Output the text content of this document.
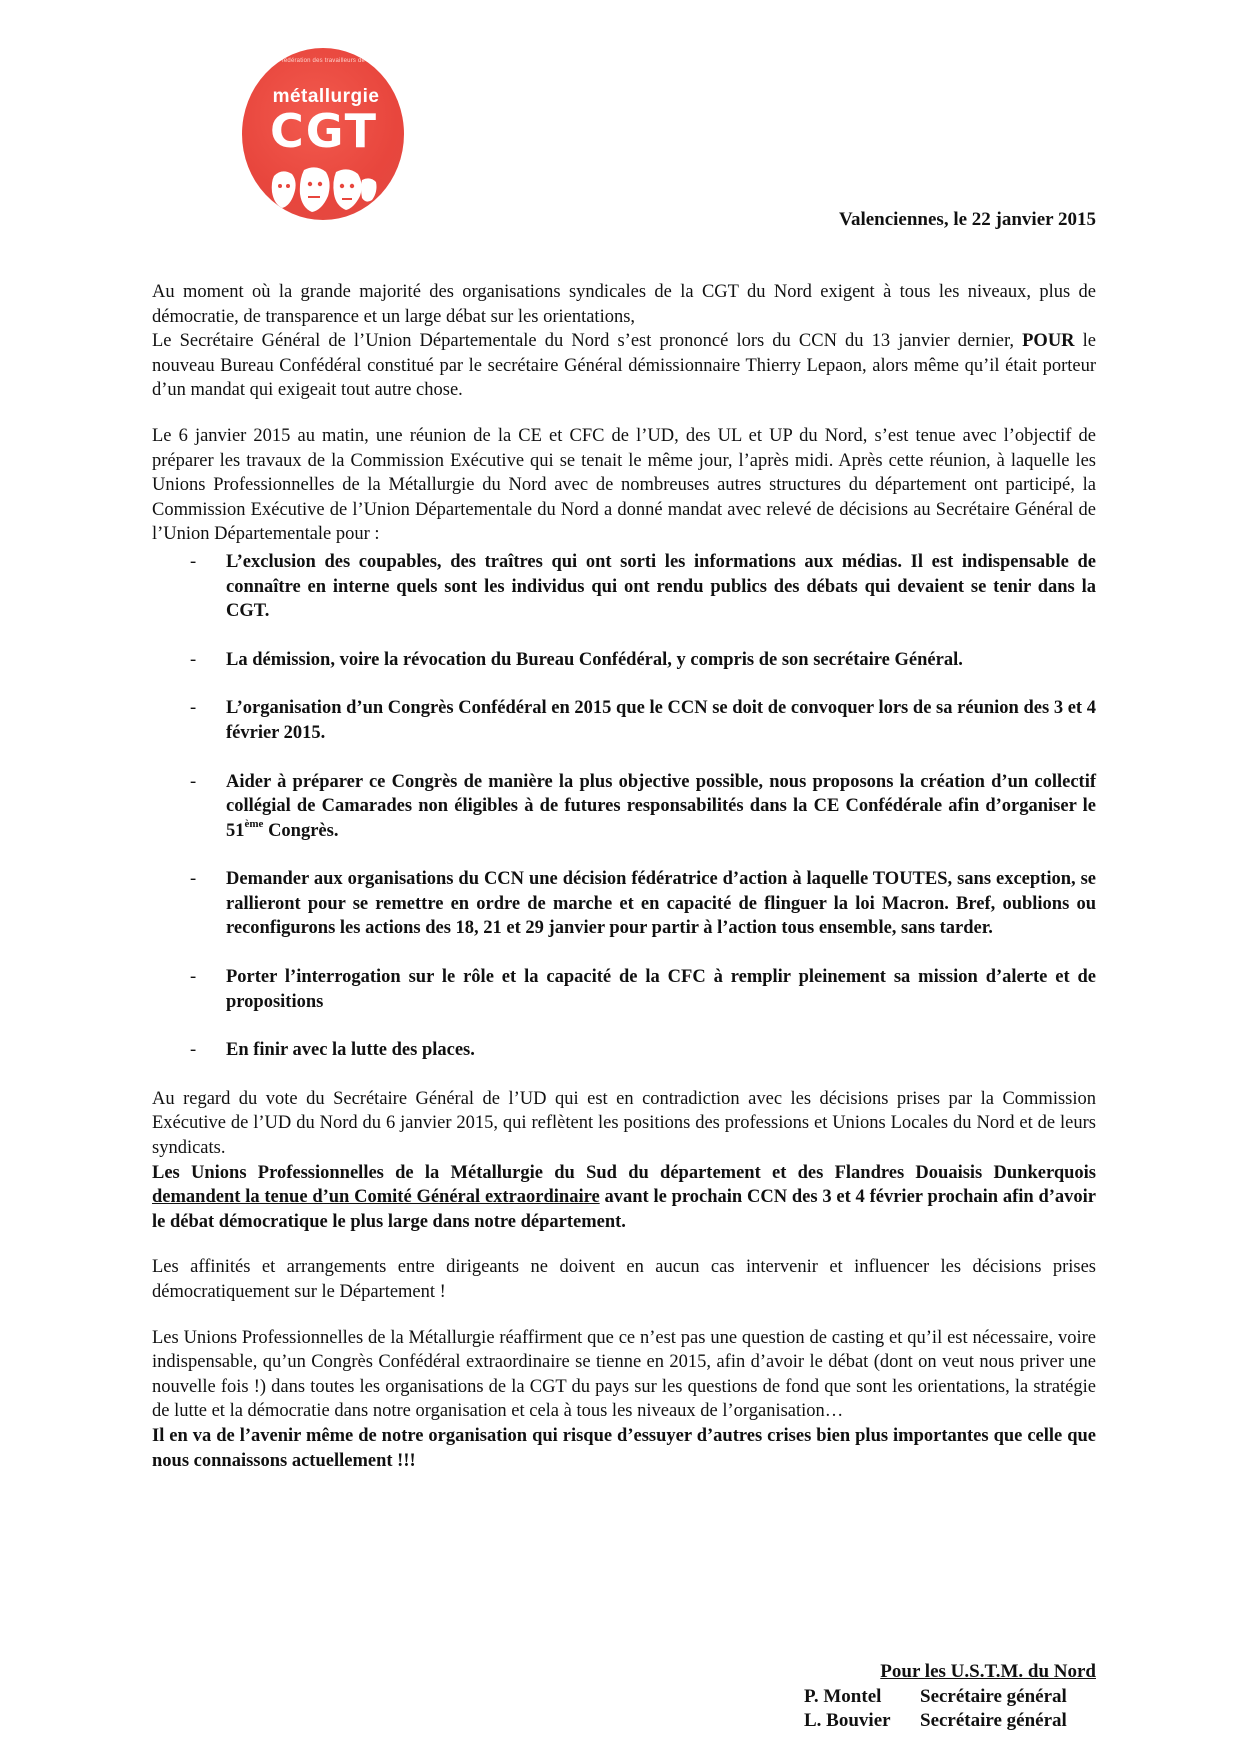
fédération des travailleurs de la
métallurgie
CGT
Valenciennes, le 22 janvier 2015

Au moment où la grande majorité des organisations syndicales de la CGT du Nord exigent à tous les niveaux, plus de démocratie, de transparence et un large débat sur les orientations,
Le Secrétaire Général de l’Union Départementale du Nord s’est prononcé lors du CCN du 13 janvier dernier, POUR le nouveau Bureau Confédéral constitué par le secrétaire Général démissionnaire Thierry Lepaon, alors même qu’il était porteur d’un mandat qui exigeait tout autre chose.

Le 6 janvier 2015 au matin, une réunion de la CE et CFC de l’UD, des UL et UP du Nord, s’est tenue avec l’objectif de préparer les travaux de la Commission Exécutive qui se tenait le même jour, l’après midi. Après cette réunion, à laquelle les Unions Professionnelles de la Métallurgie du Nord avec de nombreuses autres structures du département ont participé, la Commission Exécutive de l’Union Départementale du Nord a donné mandat avec relevé de décisions au Secrétaire Général de l’Union Départementale pour :

- L’exclusion des coupables, des traîtres qui ont sorti les informations aux médias. Il est indispensable de connaître en interne quels sont les individus qui ont rendu publics des débats qui devaient se tenir dans la CGT.
- La démission, voire la révocation du Bureau Confédéral, y compris de son secrétaire Général.
- L’organisation d’un Congrès Confédéral en 2015 que le CCN se doit de convoquer lors de sa réunion des 3 et 4 février 2015.
- Aider à préparer ce Congrès de manière la plus objective possible, nous proposons la création d’un collectif collégial de Camarades non éligibles à de futures responsabilités dans la CE Confédérale afin d’organiser le 51ème Congrès.
- Demander aux organisations du CCN une décision fédératrice d’action à laquelle TOUTES, sans exception, se rallieront pour se remettre en ordre de marche et en capacité de flinguer la loi Macron. Bref, oublions ou reconfigurons les actions des 18, 21 et 29 janvier pour partir à l’action tous ensemble, sans tarder.
- Porter l’interrogation sur le rôle et la capacité de la CFC à remplir pleinement sa mission d’alerte et de propositions
- En finir avec la lutte des places.

Au regard du vote du Secrétaire Général de l’UD qui est en contradiction avec les décisions prises par la Commission Exécutive de l’UD du Nord du 6 janvier 2015, qui reflètent les positions des professions et Unions Locales du Nord et de leurs syndicats.
Les Unions Professionnelles de la Métallurgie du Sud du département et des Flandres Douaisis Dunkerquois demandent la tenue d’un Comité Général extraordinaire avant le prochain CCN des 3 et 4 février prochain afin d’avoir le débat démocratique le plus large dans notre département.

Les affinités et arrangements entre dirigeants ne doivent en aucun cas intervenir et influencer les décisions prises démocratiquement sur le Département !

Les Unions Professionnelles de la Métallurgie réaffirment que ce n’est pas une question de casting et qu’il est nécessaire, voire indispensable, qu’un Congrès Confédéral extraordinaire se tienne en 2015, afin d’avoir le débat (dont on veut nous priver une nouvelle fois !) dans toutes les organisations de la CGT du pays sur les questions de fond que sont les orientations, la stratégie de lutte et la démocratie dans notre organisation et cela à tous les niveaux de l’organisation…
Il en va de l’avenir même de notre organisation qui risque d’essuyer d’autres crises bien plus importantes que celle que nous connaissons actuellement !!!

Pour les U.S.T.M. du Nord
P. Montel	Secrétaire général
L. Bouvier	Secrétaire général
